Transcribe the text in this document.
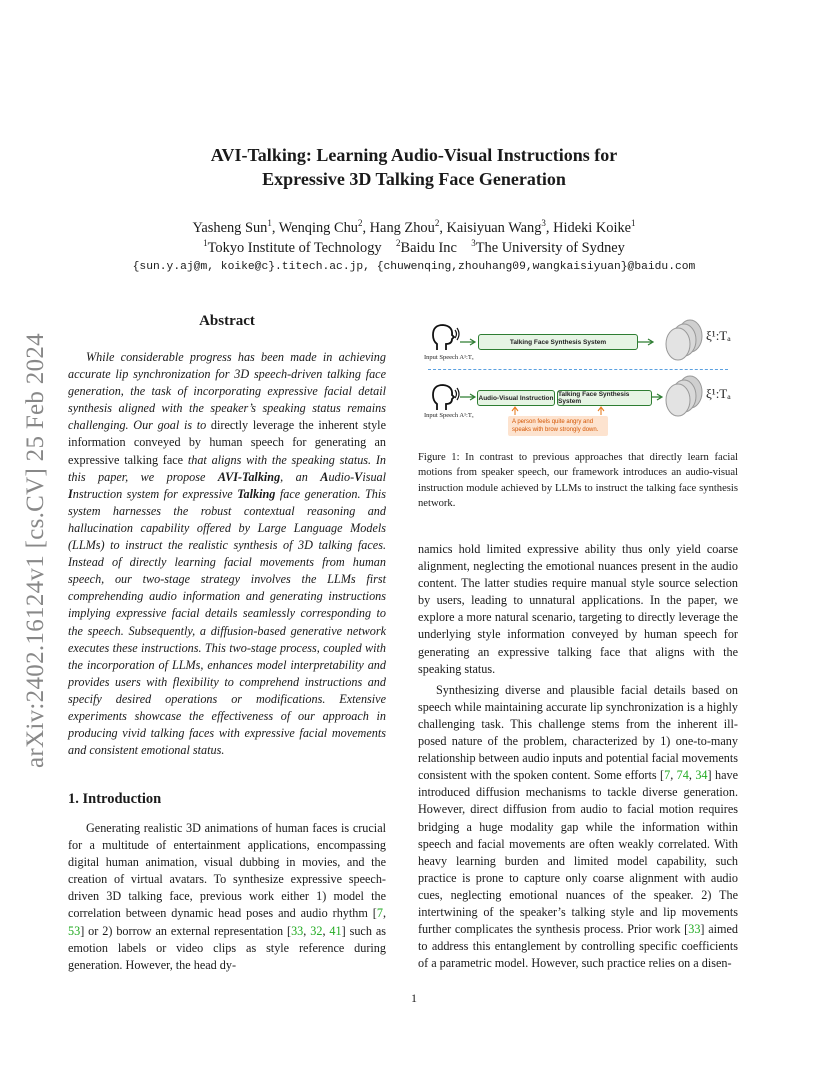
arXiv:2402.16124v1 [cs.CV] 25 Feb 2024
AVI-Talking: Learning Audio-Visual Instructions for
Expressive 3D Talking Face Generation
Yasheng Sun$^1$, Wenqing Chu$^2$, Hang Zhou$^2$, Kaisiyuan Wang$^3$, Hideki Koike$^1$
$^1$Tokyo Institute of Technology    $^2$Baidu Inc    $^3$The University of Sydney
{sun.y.aj@m, koike@c}.titech.ac.jp, {chuwenqing,zhouhang09,wangkaisiyuan}@baidu.com
Abstract

While considerable progress has been made in achieving accurate lip synchronization for 3D speech-driven talking face generation, the task of incorporating expressive facial detail synthesis aligned with the speaker’s speaking status remains challenging. Our goal is to directly leverage the inherent style information conveyed by human speech for generating an expressive talking face that aligns with the speaking status. In this paper, we propose AVI-Talking, an Audio-Visual Instruction system for expressive Talking face generation. This system harnesses the robust contextual reasoning and hallucination capability offered by Large Language Models (LLMs) to instruct the realistic synthesis of 3D talking faces. Instead of directly learning facial movements from human speech, our two-stage strategy involves the LLMs first comprehending audio information and generating instructions implying expressive facial details seamlessly corresponding to the speech. Subsequently, a diffusion-based generative network executes these instructions. This two-stage process, coupled with the incorporation of LLMs, enhances model interpretability and provides users with flexibility to comprehend instructions and specify desired operations or modifications. Extensive experiments showcase the effectiveness of our approach in producing vivid talking faces with expressive facial movements and consistent emotional status.

1. Introduction

Generating realistic 3D animations of human faces is crucial for a multitude of entertainment applications, encompassing digital human animation, visual dubbing in movies, and the creation of virtual avatars. To synthesize expressive speech-driven 3D talking face, previous work either 1) model the correlation between dynamic head poses and audio rhythm [7, 53] or 2) borrow an external representation [33, 32, 41] such as emotion labels or video clips as style reference during generation. However, the head dy-

Input Speech A¹:Tₐ
Talking Face Synthesis System	ξ¹:Tₐ
Input Speech A¹:Tₐ
Audio-Visual Instruction Talking Face Synthesis System
ξ¹:Tₐ
A person feels quite angry and speaks with brow strongly down.
Figure 1: In contrast to previous approaches that directly learn facial motions from speaker speech, our framework introduces an audio-visual instruction module achieved by LLMs to instruct the talking face synthesis network.

namics hold limited expressive ability thus only yield coarse alignment, neglecting the emotional nuances present in the audio content. The latter studies require manual style source selection by users, leading to unnatural applications. In the paper, we explore a more natural scenario, targeting to directly leverage the underlying style information conveyed by human speech for generating an expressive talking face that aligns with the speaking status.

Synthesizing diverse and plausible facial details based on speech while maintaining accurate lip synchronization is a highly challenging task. This challenge stems from the inherent ill-posed nature of the problem, characterized by 1) one-to-many relationship between audio inputs and potential facial movements consistent with the spoken content. Some efforts [7, 74, 34] have introduced diffusion mechanisms to tackle diverse generation. However, direct diffusion from audio to facial motion requires bridging a huge modality gap while the information within speech and facial movements are often weakly correlated. With heavy learning burden and limited model capability, such practice is prone to capture only coarse alignment with audio cues, neglecting emotional nuances of the speaker. 2) The intertwining of the speaker’s talking style and lip movements further complicates the synthesis process. Prior work [33] aimed to address this entanglement by controlling specific coefficients of a parametric model. However, such practice relies on a disen-

1
